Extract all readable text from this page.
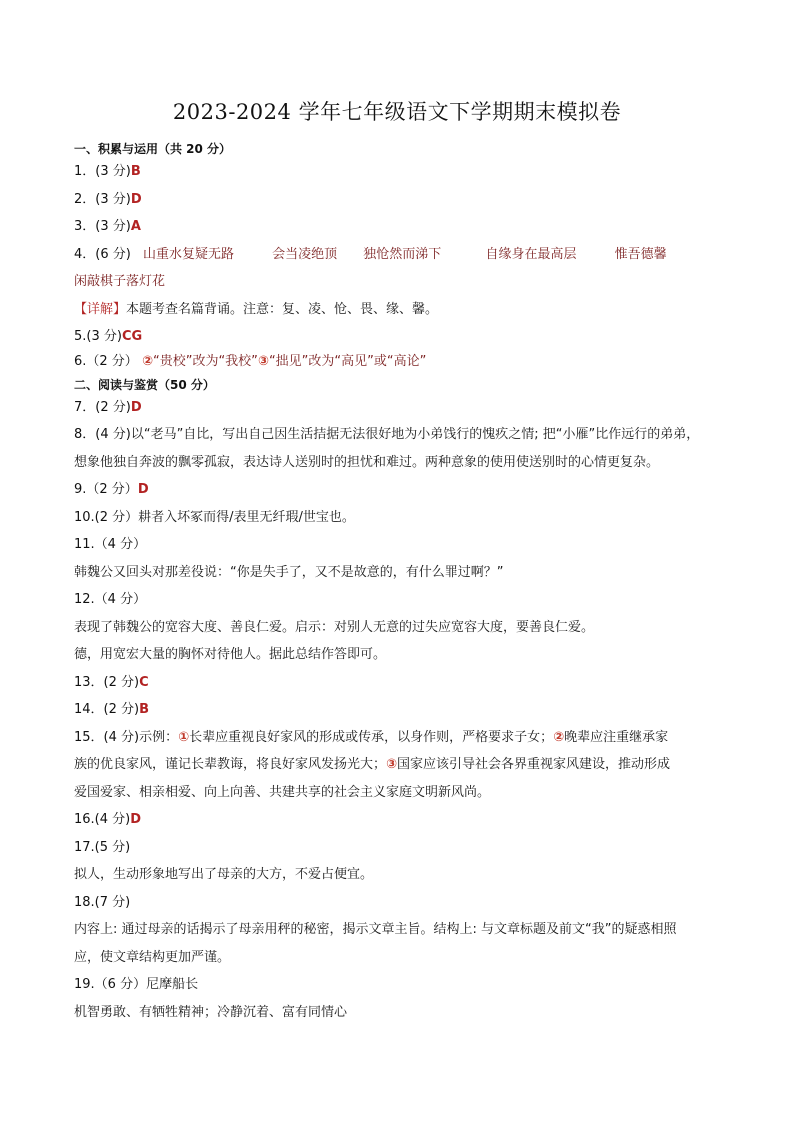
2023-2024 学年七年级语文下学期期末模拟卷
一、积累与运用（共 20 分）
1．(3 分)B
2．(3 分)D
3．(3 分)A
4．(6 分) 山重水复疑无路	会当凌绝顶 独怆然而涕下	自缘身在最高层	惟吾德馨
闲敲棋子落灯花
【详解】本题考查名篇背诵。注意：复、凌、怆、畏、缘、馨。
5.(3 分)CG
6.（2 分） ②“贵校”改为“我校”③“拙见”改为“高见”或“高论”
二、阅读与鉴赏（50 分）
7．(2 分)D
8．(4 分)以“老马”自比，写出自己因生活拮据无法很好地为小弟饯行的愧疚之情; 把“小雁”比作远行的弟弟，
想象他独自奔波的飘零孤寂，表达诗人送别时的担忧和难过。两种意象的使用使送别时的心情更复杂。
9.（2 分）D
10.(2 分）耕者入坏冢而得/表里无纤瑕/世宝也。
11.（4 分）
韩魏公又回头对那差役说：“你是失手了，又不是故意的，有什么罪过啊？”
12.（4 分）
表现了韩魏公的宽容大度、善良仁爱。启示：对别人无意的过失应宽容大度，要善良仁爱。
德，用宽宏大量的胸怀对待他人。据此总结作答即可。
13．(2 分)C
14．(2 分)B
15．(4 分)示例：①长辈应重视良好家风的形成或传承，以身作则，严格要求子女；②晚辈应注重继承家
族的优良家风，谨记长辈教诲，将良好家风发扬光大；③国家应该引导社会各界重视家风建设，推动形成
爱国爱家、相亲相爱、向上向善、共建共享的社会主义家庭文明新风尚。
16.(4 分)D
17.(5 分)
拟人，生动形象地写出了母亲的大方，不爱占便宜。
18.(7 分)
内容上: 通过母亲的话揭示了母亲用秤的秘密，揭示文章主旨。结构上: 与文章标题及前文“我”的疑惑相照
应，使文章结构更加严谨。
19.（6 分）尼摩船长
机智勇敢、有牺牲精神；冷静沉着、富有同情心
